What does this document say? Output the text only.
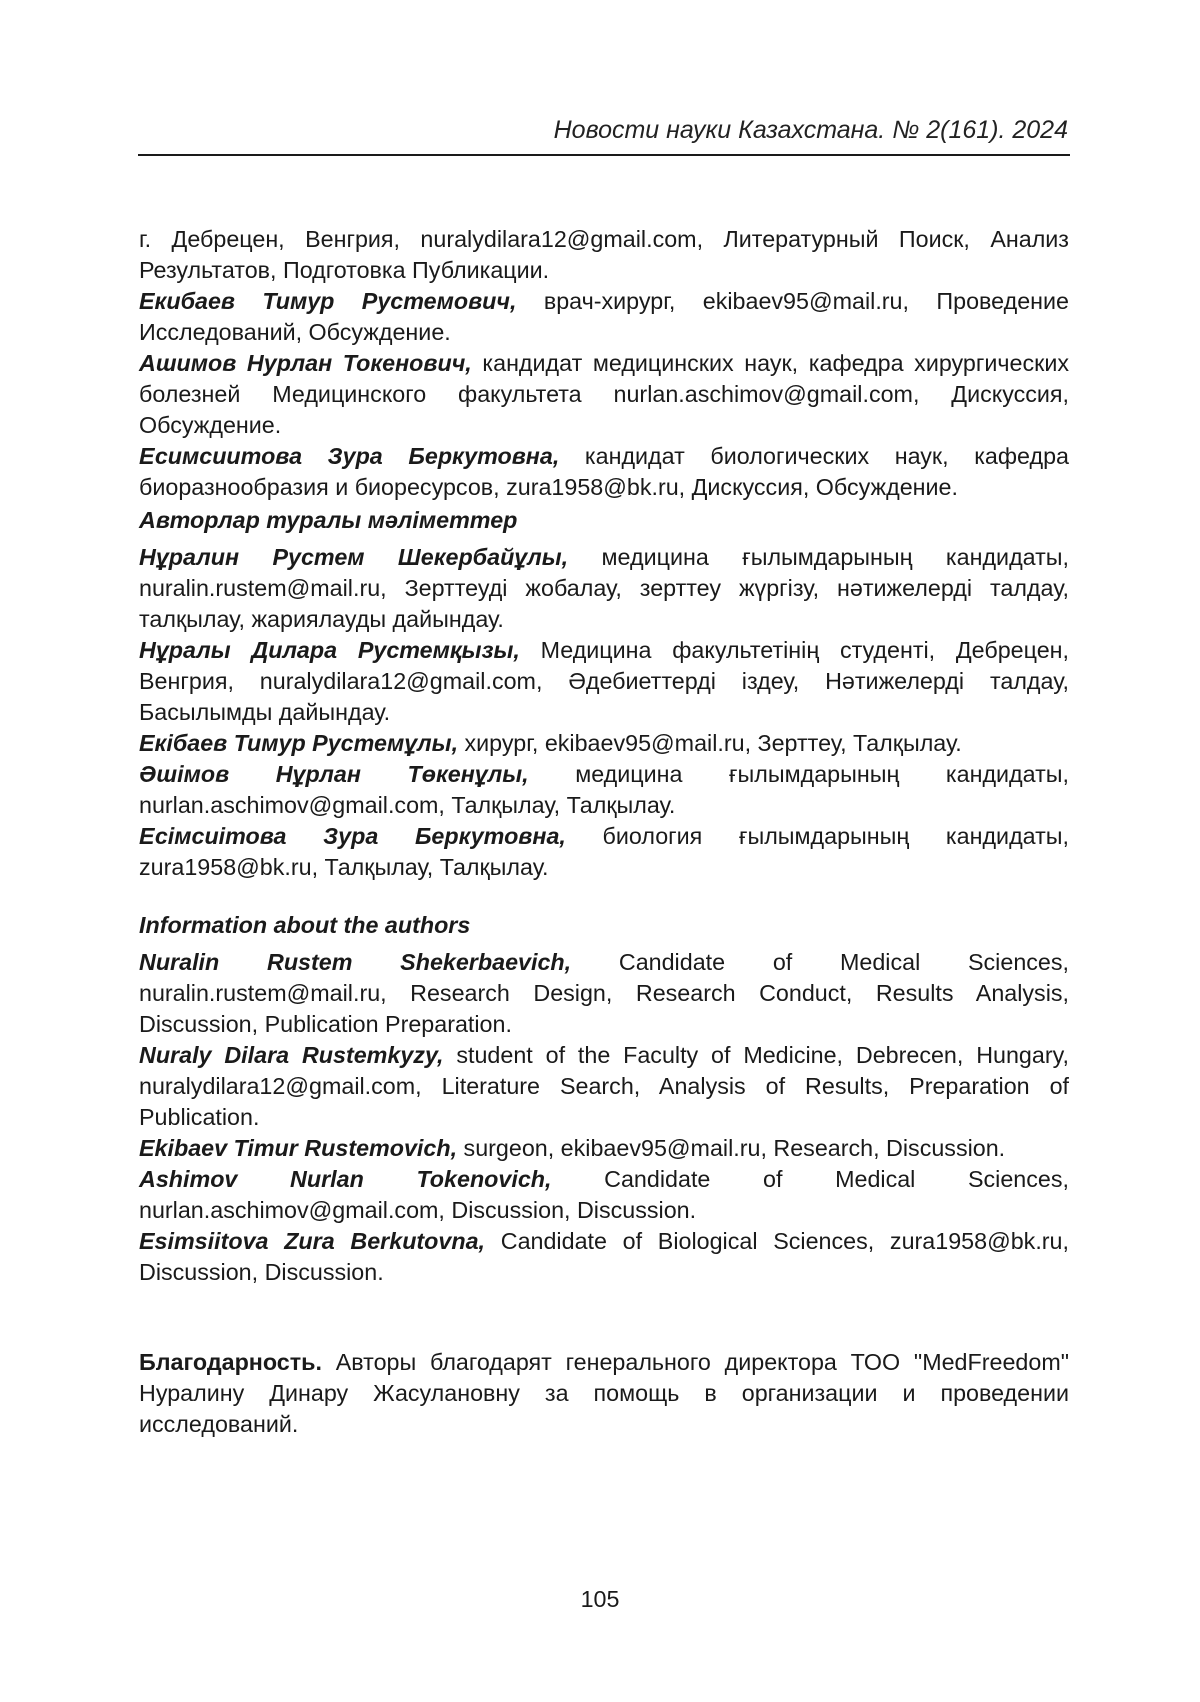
Новости науки Казахстана. № 2(161). 2024

г. Дебрецен, Венгрия, nuralydilara12@gmail.com, Литературный Поиск, Анализ Результатов, Подготовка Публикации.

Екибаев Тимур Рустемович, врач-хирург, ekibaev95@mail.ru, Проведение Исследований, Обсуждение.

Ашимов Нурлан Токенович, кандидат медицинских наук, кафедра хирургических болезней Медицинского факультета nurlan.aschimov@gmail.com, Дискуссия, Обсуждение.

Есимсиитова Зура Беркутовна, кандидат биологических наук, кафедра биоразнообразия и биоресурсов, zura1958@bk.ru, Дискуссия, Обсуждение.

Авторлар туралы мәліметтер

Нұралин Рустем Шекербайұлы, медицина ғылымдарының кандидаты, nuralin.rustem@mail.ru, Зерттеуді жобалау, зерттеу жүргізу, нәтижелерді талдау, талқылау, жариялауды дайындау.

Нұралы Дилара Рустемқызы, Медицина факультетінің студенті, Дебрецен, Венгрия, nuralydilara12@gmail.com, Әдебиеттерді іздеу, Нәтижелерді талдау, Басылымды дайындау.

Екібаев Тимур Рустемұлы, хирург, ekibaev95@mail.ru, Зерттеу, Талқылау.

Әшімов Нұрлан Төкенұлы, медицина ғылымдарының кандидаты, nurlan.aschimov@gmail.com, Талқылау, Талқылау.

Есімсиітова Зура Беркутовна, биология ғылымдарының кандидаты, zura1958@bk.ru, Талқылау, Талқылау.

Information about the authors

Nuralin Rustem Shekerbaevich, Candidate of Medical Sciences, nuralin.rustem@mail.ru, Research Design, Research Conduct, Results Analysis, Discussion, Publication Preparation.

Nuraly Dilara Rustemkyzy, student of the Faculty of Medicine, Debrecen, Hungary, nuralydilara12@gmail.com, Literature Search, Analysis of Results, Preparation of Publication.

Ekibaev Timur Rustemovich, surgeon, ekibaev95@mail.ru, Research, Discussion.

Ashimov Nurlan Tokenovich, Candidate of Medical Sciences, nurlan.aschimov@gmail.com, Discussion, Discussion.

Esimsiitova Zura Berkutovna, Candidate of Biological Sciences, zura1958@bk.ru, Discussion, Discussion.

Благодарность. Авторы благодарят генерального директора ТОО "MedFreedom" Нуралину Динару Жасулановну за помощь в организации и проведении исследований.

105
